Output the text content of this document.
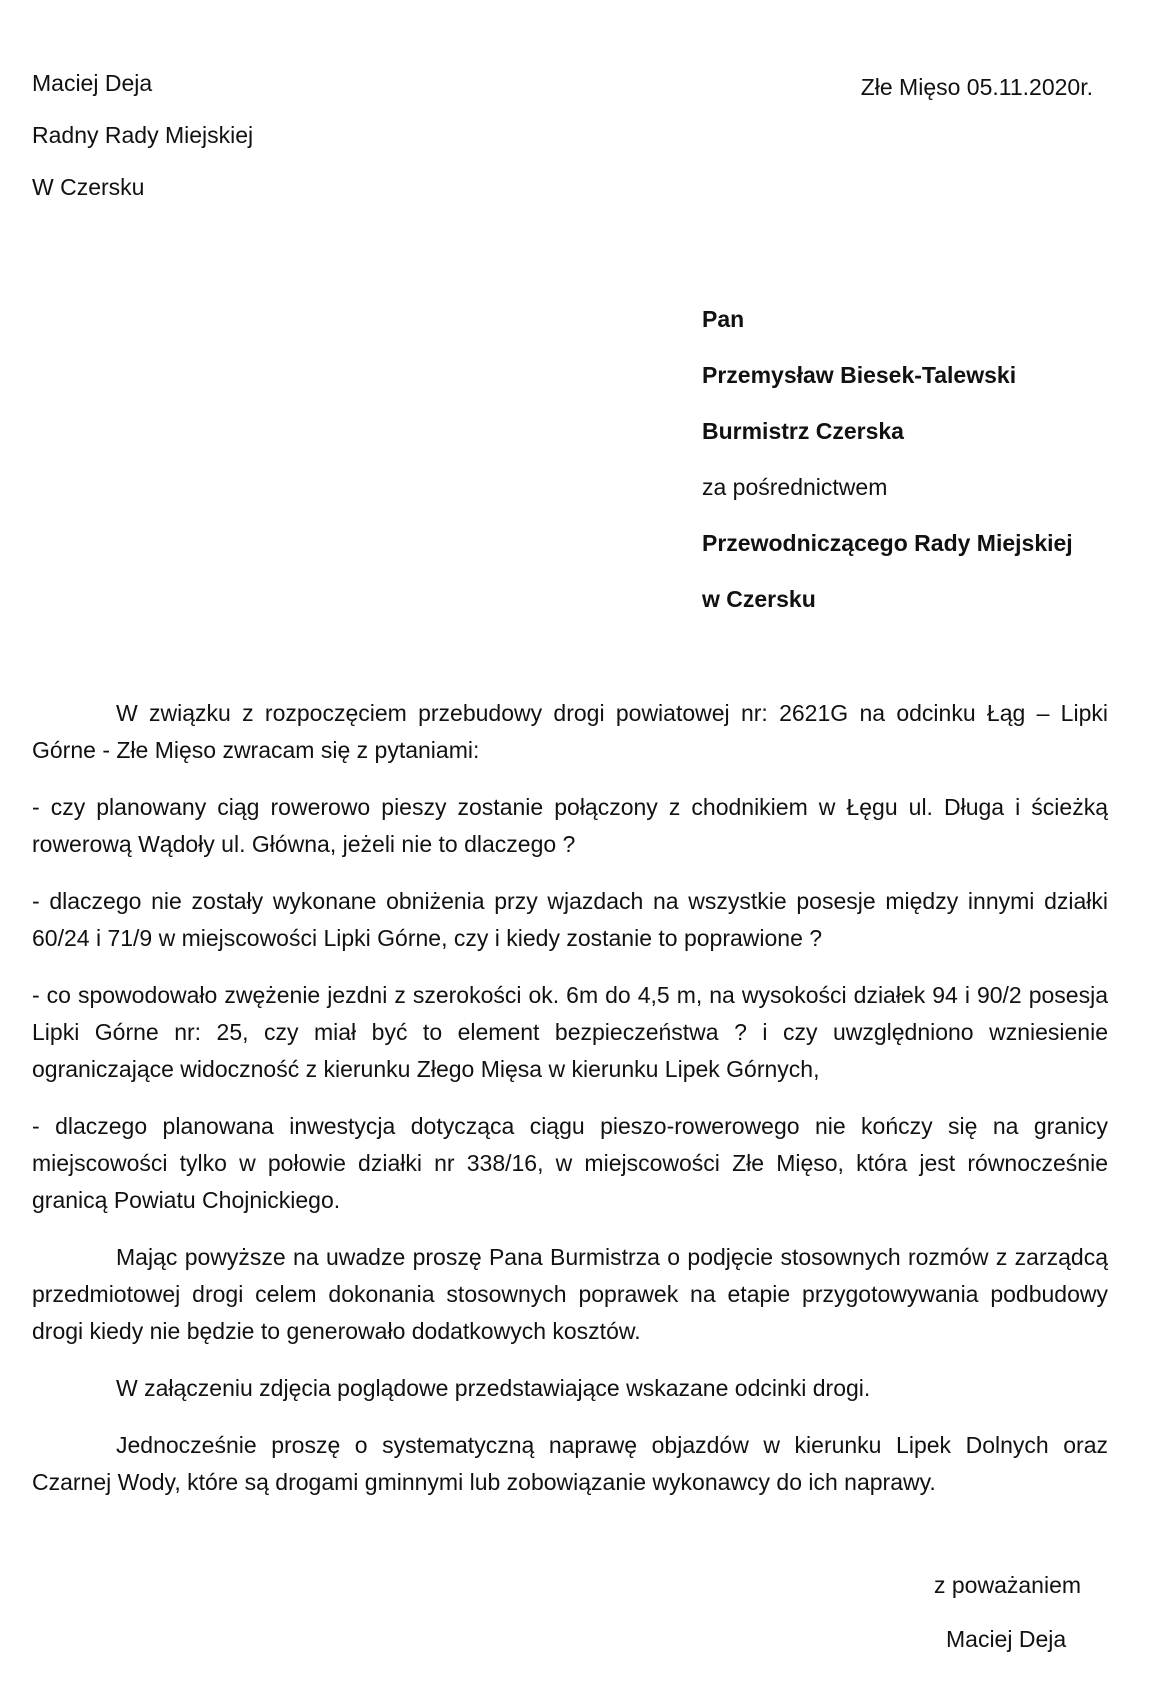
Maciej Deja
Radny Rady Miejskiej
W Czersku
Złe Mięso 05.11.2020r.
Pan
Przemysław Biesek-Talewski
Burmistrz Czerska
za pośrednictwem
Przewodniczącego Rady Miejskiej
w Czersku

W związku z rozpoczęciem przebudowy drogi powiatowej nr: 2621G na odcinku Łąg – Lipki Górne - Złe Mięso zwracam się z pytaniami:

- czy planowany ciąg rowerowo pieszy zostanie połączony z chodnikiem w Łęgu ul. Długa i ścieżką rowerową Wądoły ul. Główna, jeżeli nie to dlaczego ?

- dlaczego nie zostały wykonane obniżenia przy wjazdach na wszystkie posesje między innymi działki 60/24 i 71/9 w miejscowości Lipki Górne, czy i kiedy zostanie to poprawione ?

- co spowodowało zwężenie jezdni z szerokości ok. 6m do 4,5 m, na wysokości działek 94 i 90/2 posesja Lipki Górne nr: 25, czy miał być to element bezpieczeństwa ? i czy uwzględniono wzniesienie ograniczające widoczność z kierunku Złego Mięsa w kierunku Lipek Górnych,

- dlaczego planowana inwestycja dotycząca ciągu pieszo-rowerowego nie kończy się na granicy miejscowości tylko w połowie działki nr 338/16, w miejscowości Złe Mięso, która jest równocześnie granicą Powiatu Chojnickiego.

Mając powyższe na uwadze proszę Pana Burmistrza o podjęcie stosownych rozmów z zarządcą przedmiotowej drogi celem dokonania stosownych poprawek na etapie przygotowywania podbudowy drogi kiedy nie będzie to generowało dodatkowych kosztów.

W załączeniu zdjęcia poglądowe przedstawiające wskazane odcinki drogi.

Jednocześnie proszę o systematyczną naprawę objazdów w kierunku Lipek Dolnych oraz Czarnej Wody, które są drogami gminnymi lub zobowiązanie wykonawcy do ich naprawy.

z poważaniem
Maciej Deja
